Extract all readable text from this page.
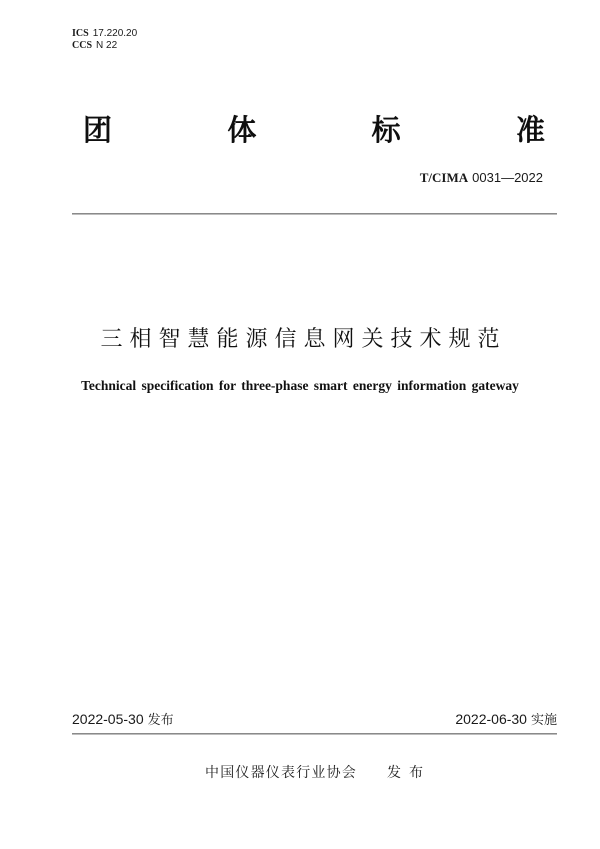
ICS 17.220.20
CCS N 22
团	体	标	准
T/CIMA 0031—2022
三相智慧能源信息网关技术规范
Technical specification for three-phase smart energy information gateway
2022-05-30 发布	2022-06-30 实施
中国仪器仪表行业协会 发布
